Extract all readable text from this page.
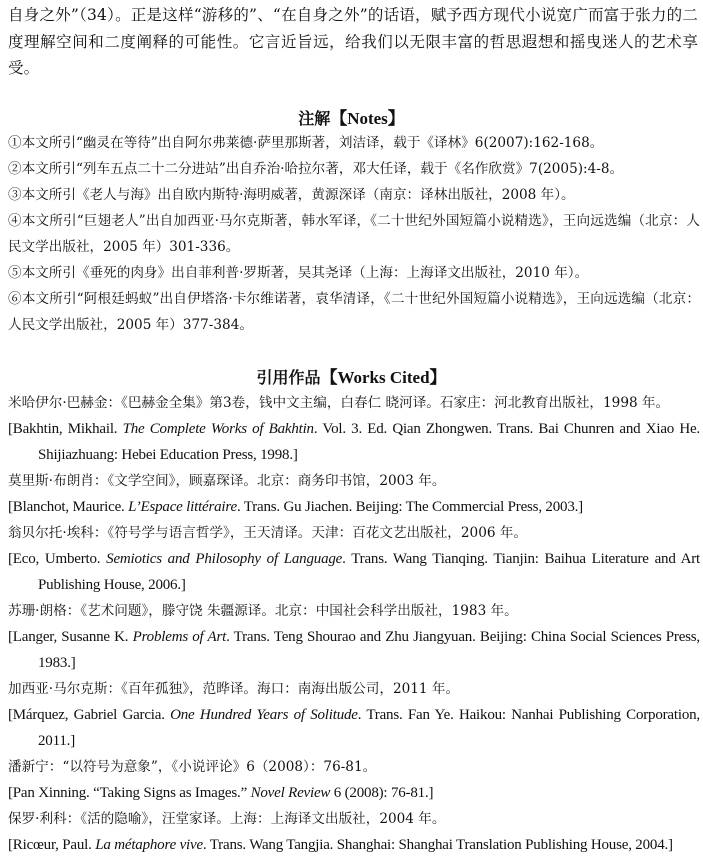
自身之外”（34）。正是这样“游移的”、“在自身之外”的话语，赋予西方现代小说宽广而富于张力的二度理解空间和二度阐释的可能性。它言近旨远，给我们以无限丰富的哲思遐想和摇曳迷人的艺术享受。

注解【Notes】

①本文所引“幽灵在等待”出自阿尔弗莱德·萨里那斯著，刘洁译，载于《译林》6(2007):162-168。

②本文所引“列车五点二十二分进站”出自乔治·哈拉尔著，邓大任译，载于《名作欣赏》7(2005):4-8。

③本文所引《老人与海》出自欧内斯特·海明威著，黄源深译（南京：译林出版社，2008 年）。

④本文所引“巨翅老人”出自加西亚·马尔克斯著，韩水军译，《二十世纪外国短篇小说精选》，王向远选编（北京：人民文学出版社，2005 年）301-336。

⑤本文所引《垂死的肉身》出自菲利普·罗斯著，吴其尧译（上海：上海译文出版社，2010 年）。

⑥本文所引“阿根廷蚂蚁”出自伊塔洛·卡尔维诺著，袁华清译，《二十世纪外国短篇小说精选》，王向远选编（北京：人民文学出版社，2005 年）377-384。

引用作品【Works Cited】

米哈伊尔·巴赫金：《巴赫金全集》第3卷，钱中文主编，白春仁 晓河译。石家庄：河北教育出版社，1998 年。

[Bakhtin, Mikhail. The Complete Works of Bakhtin. Vol. 3. Ed. Qian Zhongwen. Trans. Bai Chunren and Xiao He. Shijiazhuang: Hebei Education Press, 1998.]

莫里斯·布朗肖：《文学空间》，顾嘉琛译。北京：商务印书馆，2003 年。

[Blanchot, Maurice. L’Espace littéraire. Trans. Gu Jiachen. Beijing: The Commercial Press, 2003.]

翁贝尔托·埃科：《符号学与语言哲学》，王天清译。天津：百花文艺出版社，2006 年。

[Eco, Umberto. Semiotics and Philosophy of Language. Trans. Wang Tianqing. Tianjin: Baihua Literature and Art Publishing House, 2006.]

苏珊·朗格：《艺术问题》，滕守饶 朱疆源译。北京：中国社会科学出版社，1983 年。

[Langer, Susanne K. Problems of Art. Trans. Teng Shourao and Zhu Jiangyuan. Beijing: China Social Sciences Press, 1983.]

加西亚·马尔克斯：《百年孤独》，范晔译。海口：南海出版公司，2011 年。

[Márquez, Gabriel Garcia. One Hundred Years of Solitude. Trans. Fan Ye. Haikou: Nanhai Publishing Corporation, 2011.]

潘新宁：“以符号为意象”，《小说评论》6（2008）：76-81。

[Pan Xinning. “Taking Signs as Images.” Novel Review 6 (2008): 76-81.]

保罗·利科：《活的隐喻》，汪堂家译。上海：上海译文出版社，2004 年。

[Ricœur, Paul. La métaphore vive. Trans. Wang Tangjia. Shanghai: Shanghai Translation Publishing House, 2004.]
